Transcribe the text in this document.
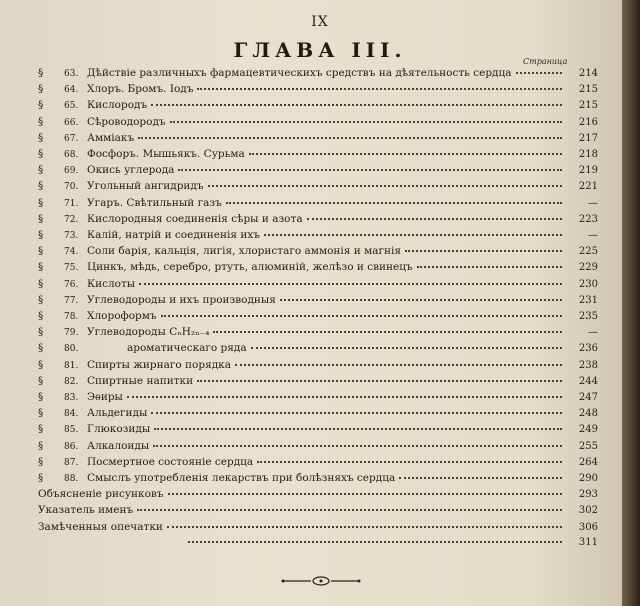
IX
ГЛАВА III.	Страница
§	63. Дѣйствіе различныхъ фармацевтическихъ средствъ на дѣятельность сердца	214
§	64. Хлоръ. Бромъ. Іодъ	215
§	65. Кислородъ	215
§	66. Сѣроводородъ	216
§	67. Амміакъ	217
§	68. Фосфоръ. Мышьякъ. Сурьма	218
§	69. Окись углерода	219
§	70. Угольный ангидридъ	221
§	71. Угаръ. Свѣтильный газъ	—
§	72. Кислородныя соединенія сѣры и азота	223
§	73. Калій, натрій и соединенія ихъ	—
§	74. Соли барія, кальція, лигія, хлористаго аммонія и магнія	225
§	75. Цинкъ, мѣдь, серебро, ртуть, алюминій, желѣзо и свинецъ	229
§	76. Кислоты	230
§	77. Углеводороды и ихъ производныя	231
§	78. Хлороформъ	235
§	79. Углеводороды CₙH₂ₙ₋₄	—
§	80.	ароматическаго ряда	236
§	81. Спирты жирнаго порядка	238
§	82. Спиртные напитки	244
§	83. Эѳиры	247
§	84. Альдегиды	248
§	85. Глюкозиды	249
§	86. Алкалоиды	255
§	87. Посмертное состояніе сердца	264
§	88. Смыслъ употребленія лекарствъ при болѣзняхъ сердца	290
Объясненіе рисунковъ	293
Указатель именъ	302
Замѣченныя опечатки	306
311
